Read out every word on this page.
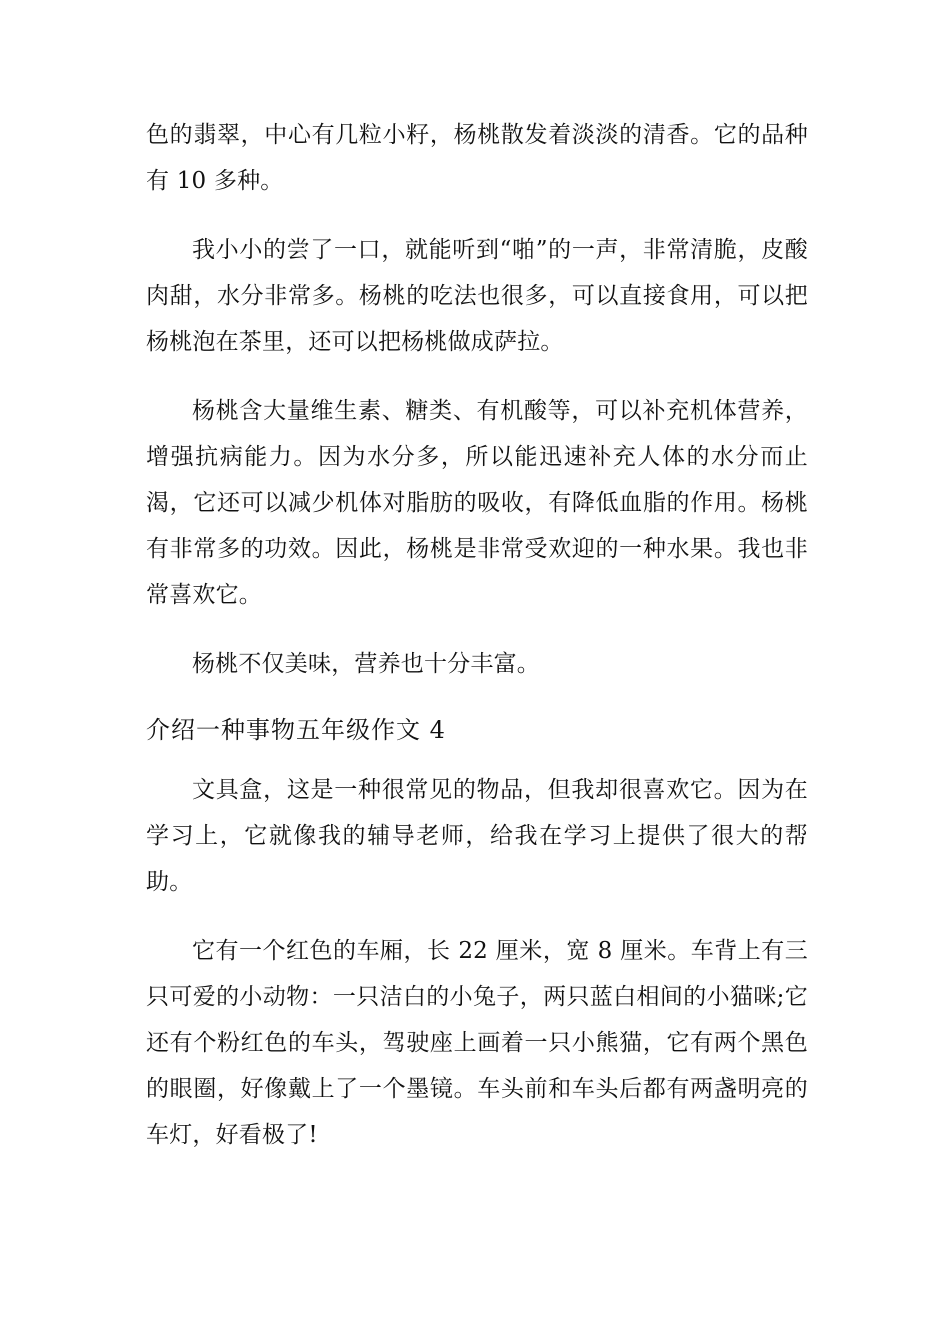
色的翡翠，中心有几粒小籽，杨桃散发着淡淡的清香。它的品种有 10 多种。

我小小的尝了一口，就能听到“啪”的一声，非常清脆，皮酸肉甜，水分非常多。杨桃的吃法也很多，可以直接食用，可以把杨桃泡在茶里，还可以把杨桃做成萨拉。

杨桃含大量维生素、糖类、有机酸等，可以补充机体营养，增强抗病能力。因为水分多，所以能迅速补充人体的水分而止渴，它还可以减少机体对脂肪的吸收，有降低血脂的作用。杨桃有非常多的功效。因此，杨桃是非常受欢迎的一种水果。我也非常喜欢它。

杨桃不仅美味，营养也十分丰富。

介绍一种事物五年级作文 4

文具盒，这是一种很常见的物品，但我却很喜欢它。因为在学习上，它就像我的辅导老师，给我在学习上提供了很大的帮助。

它有一个红色的车厢，长 22 厘米，宽 8 厘米。车背上有三只可爱的小动物：一只洁白的小兔子，两只蓝白相间的小猫咪;它还有个粉红色的车头，驾驶座上画着一只小熊猫，它有两个黑色的眼圈，好像戴上了一个墨镜。车头前和车头后都有两盏明亮的车灯，好看极了!
